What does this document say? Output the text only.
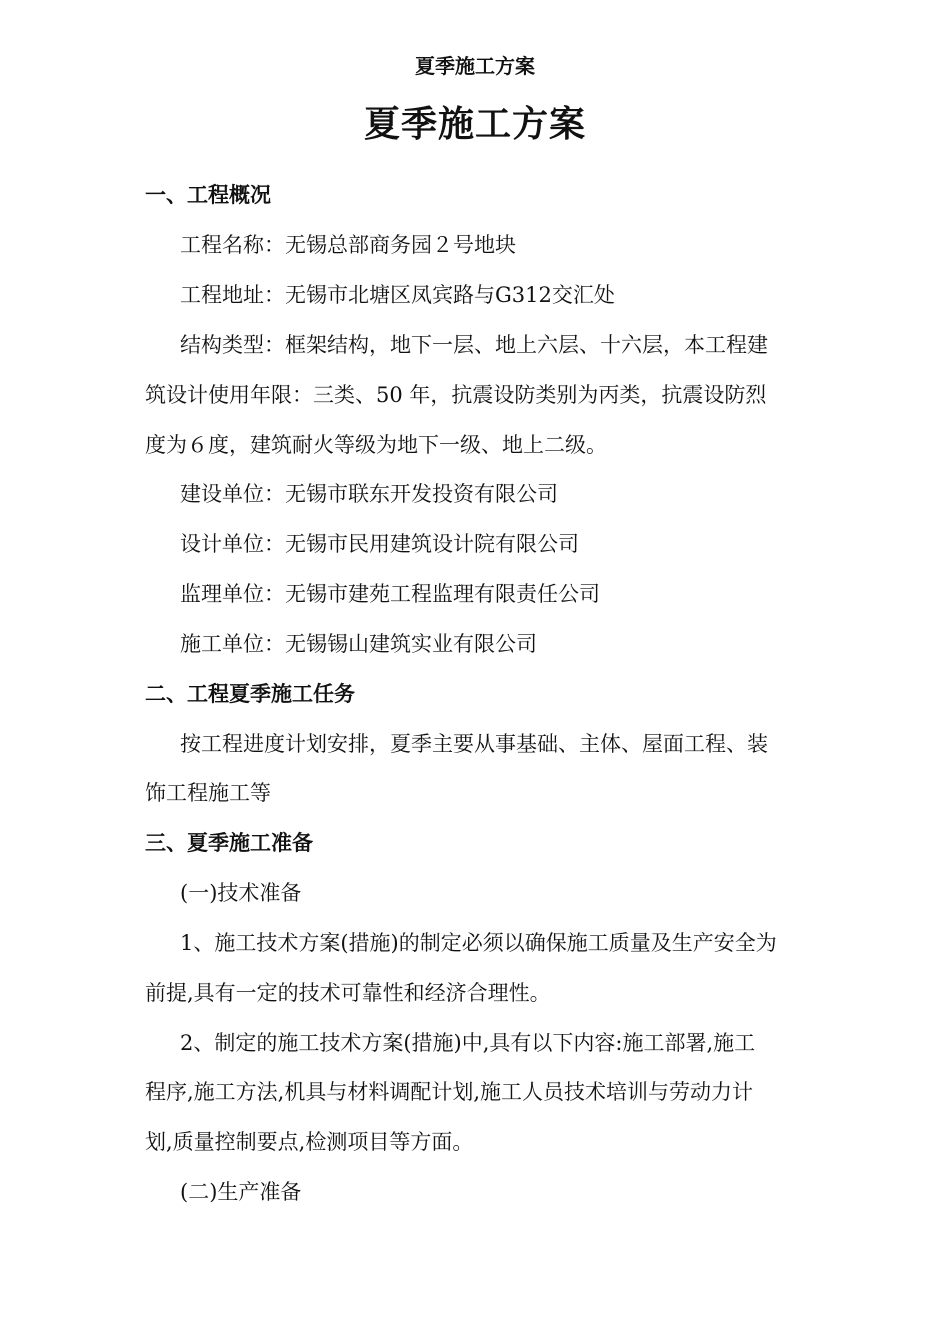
夏季施工方案
夏季施工方案
一、工程概况
工程名称：无锡总部商务园２号地块
工程地址：无锡市北塘区凤宾路与G312交汇处
结构类型：框架结构，地下一层、地上六层、十六层，本工程建
筑设计使用年限：三类、50 年，抗震设防类别为丙类，抗震设防烈
度为６度，建筑耐火等级为地下一级、地上二级。
建设单位：无锡市联东开发投资有限公司
设计单位：无锡市民用建筑设计院有限公司
监理单位：无锡市建苑工程监理有限责任公司
施工单位：无锡锡山建筑实业有限公司
二、工程夏季施工任务
按工程进度计划安排，夏季主要从事基础、主体、屋面工程、装
饰工程施工等
三、夏季施工准备
(一)技术准备
1、施工技术方案(措施)的制定必须以确保施工质量及生产安全为
前提,具有一定的技术可靠性和经济合理性。
2、制定的施工技术方案(措施)中,具有以下内容:施工部署,施工
程序,施工方法,机具与材料调配计划,施工人员技术培训与劳动力计
划,质量控制要点,检测项目等方面。
(二)生产准备
